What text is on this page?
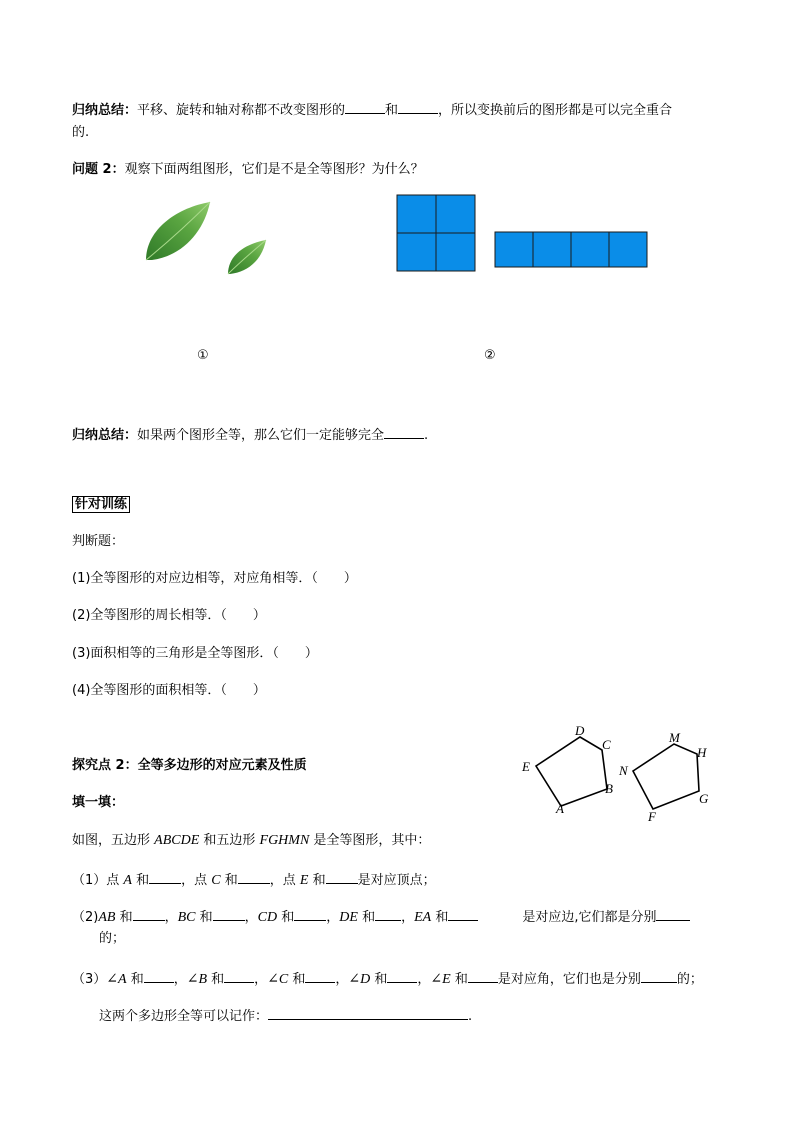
归纳总结：平移、旋转和轴对称都不改变图形的	和	，所以变换前后的图形都是可以完全重合
的.
问题 2：观察下面两组图形，它们是不是全等图形？为什么？
①	②
归纳总结：如果两个图形全等，那么它们一定能够完全	.
针对训练
判断题：
(1)全等图形的对应边相等，对应角相等．（　　）
(2)全等图形的周长相等．（　　）
(3)面积相等的三角形是全等图形．（　　）
(4)全等图形的面积相等．（　　）
探究点 2：全等多边形的对应元素及性质
填一填：	A
B
C
D
E
F
G
H
M
N
如图，五边形 ABCDE 和五边形 FGHMN 是全等图形，其中：
（1）点 A 和 ，点 C 和 ，点 E 和 是对应顶点；
（2)AB 和 ，BC 和 ，CD 和 ，DE 和 ，EA 和	是对应边,它们都是分别
的；
（3）∠A 和 ，∠B 和 ，∠C 和 ，∠D 和 ，∠E 和 是对应角，它们也是分别	的；
这两个多边形全等可以记作：	.
